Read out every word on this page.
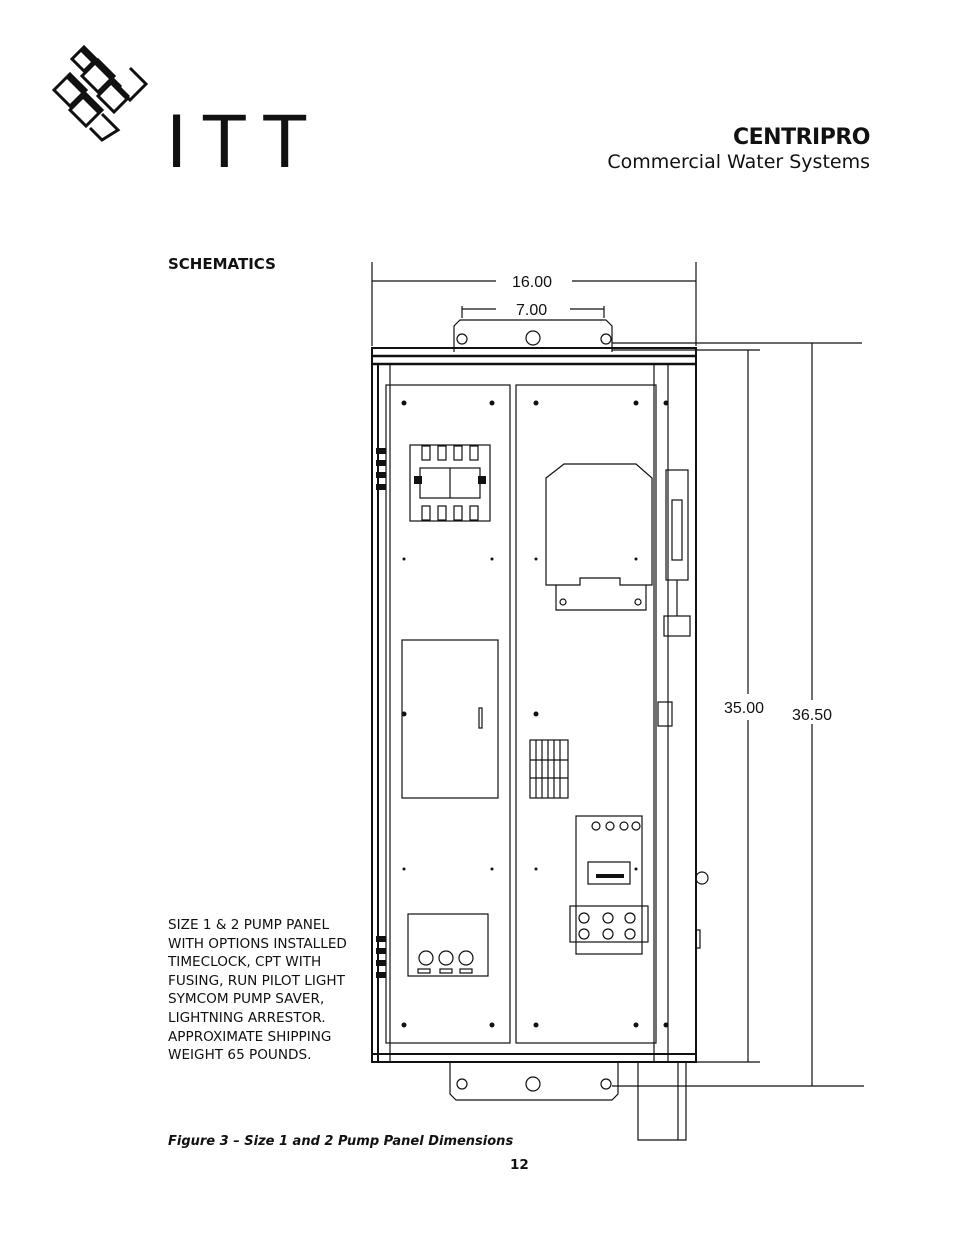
ITT	CENTRIPRO
Commercial Water Systems
SCHEMATICS
16.00
7.00
35.00 36.50
SIZE 1 & 2 PUMP PANEL
WITH OPTIONS INSTALLED
TIMECLOCK, CPT WITH
FUSING, RUN PILOT LIGHT
SYMCOM PUMP SAVER,
LIGHTNING ARRESTOR.
APPROXIMATE SHIPPING
WEIGHT 65 POUNDS.
Figure 3 – Size 1 and 2 Pump Panel Dimensions
12
